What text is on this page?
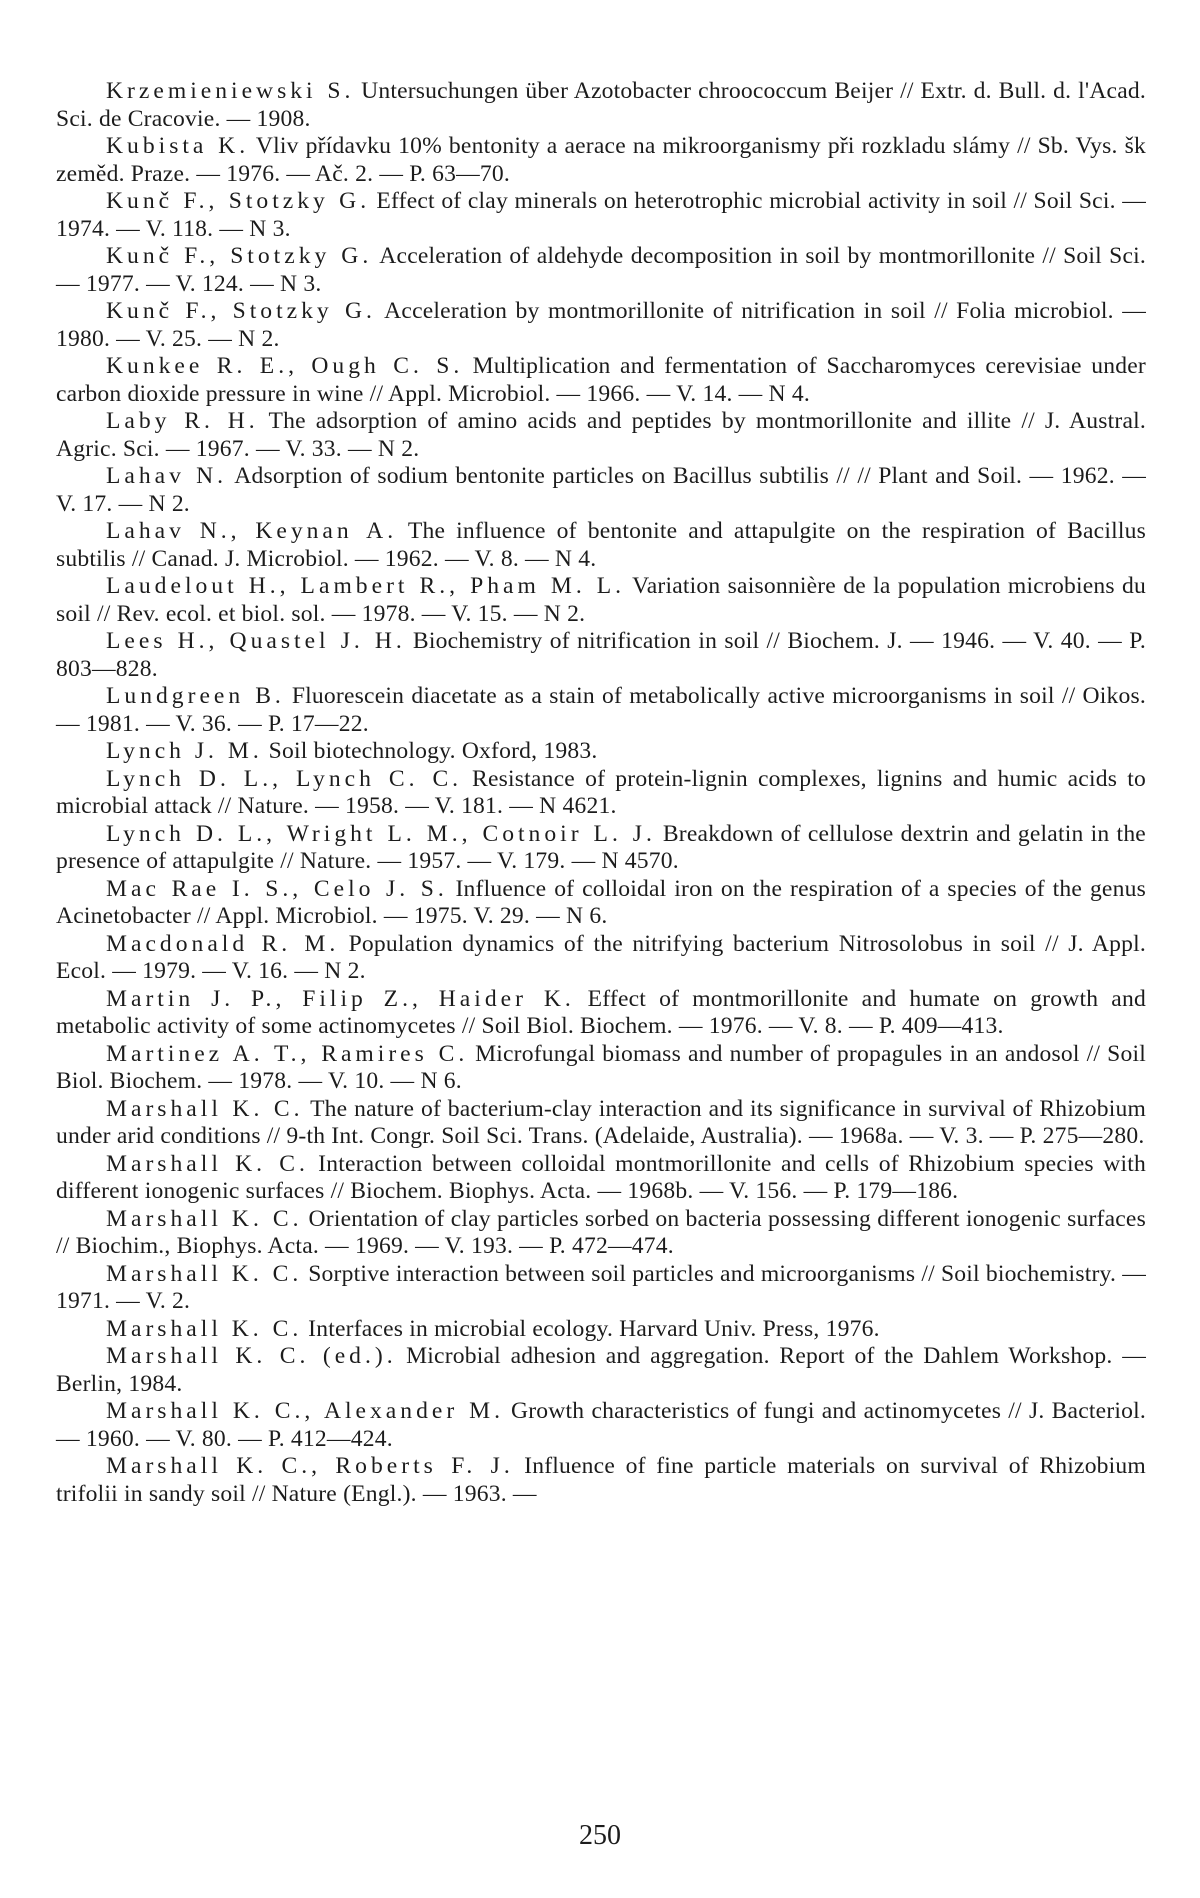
Krzemieniewski S. Untersuchungen über Azotobacter chroococcum Beijer // Extr. d. Bull. d. l'Acad. Sci. de Cracovie. — 1908.

Kubista K. Vliv přídavku 10% bentonity a aerace na mikroorganismy při rozkladu slámy // Sb. Vys. šk zeměd. Praze. — 1976. — Ač. 2. — P. 63—70.

Kunč F., Stotzky G. Effect of clay minerals on heterotrophic microbial activity in soil // Soil Sci. — 1974. — V. 118. — N 3.

Kunč F., Stotzky G. Acceleration of aldehyde decomposition in soil by montmorillonite // Soil Sci. — 1977. — V. 124. — N 3.

Kunč F., Stotzky G. Acceleration by montmorillonite of nitrification in soil // Folia microbiol. — 1980. — V. 25. — N 2.

Kunkee R. E., Ough C. S. Multiplication and fermentation of Saccharomyces cerevisiae under carbon dioxide pressure in wine // Appl. Microbiol. — 1966. — V. 14. — N 4.

Laby R. H. The adsorption of amino acids and peptides by montmorillonite and illite // J. Austral. Agric. Sci. — 1967. — V. 33. — N 2.

Lahav N. Adsorption of sodium bentonite particles on Bacillus subtilis // // Plant and Soil. — 1962. — V. 17. — N 2.

Lahav N., Keynan A. The influence of bentonite and attapulgite on the respiration of Bacillus subtilis // Canad. J. Microbiol. — 1962. — V. 8. — N 4.

Laudelout H., Lambert R., Pham M. L. Variation saisonnière de la population microbiens du soil // Rev. ecol. et biol. sol. — 1978. — V. 15. — N 2.

Lees H., Quastel J. H. Biochemistry of nitrification in soil // Biochem. J. — 1946. — V. 40. — P. 803—828.

Lundgreen B. Fluorescein diacetate as a stain of metabolically active microorganisms in soil // Oikos. — 1981. — V. 36. — P. 17—22.

Lynch J. M. Soil biotechnology. Oxford, 1983.

Lynch D. L., Lynch C. C. Resistance of protein-lignin complexes, lignins and humic acids to microbial attack // Nature. — 1958. — V. 181. — N 4621.

Lynch D. L., Wright L. M., Cotnoir L. J. Breakdown of cellulose dextrin and gelatin in the presence of attapulgite // Nature. — 1957. — V. 179. — N 4570.

Mac Rae I. S., Celo J. S. Influence of colloidal iron on the respiration of a species of the genus Acinetobacter // Appl. Microbiol. — 1975. V. 29. — N 6.

Macdonald R. M. Population dynamics of the nitrifying bacterium Nitrosolobus in soil // J. Appl. Ecol. — 1979. — V. 16. — N 2.

Martin J. P., Filip Z., Haider K. Effect of montmorillonite and humate on growth and metabolic activity of some actinomycetes // Soil Biol. Biochem. — 1976. — V. 8. — P. 409—413.

Martinez A. T., Ramires C. Microfungal biomass and number of propagules in an andosol // Soil Biol. Biochem. — 1978. — V. 10. — N 6.

Marshall K. C. The nature of bacterium-clay interaction and its significance in survival of Rhizobium under arid conditions // 9-th Int. Congr. Soil Sci. Trans. (Adelaide, Australia). — 1968a. — V. 3. — P. 275—280.

Marshall K. C. Interaction between colloidal montmorillonite and cells of Rhizobium species with different ionogenic surfaces // Biochem. Biophys. Acta. — 1968b. — V. 156. — P. 179—186.

Marshall K. C. Orientation of clay particles sorbed on bacteria possessing different ionogenic surfaces // Biochim., Biophys. Acta. — 1969. — V. 193. — P. 472—474.

Marshall K. C. Sorptive interaction between soil particles and microorganisms // Soil biochemistry. — 1971. — V. 2.

Marshall K. C. Interfaces in microbial ecology. Harvard Univ. Press, 1976.

Marshall K. C. (ed.). Microbial adhesion and aggregation. Report of the Dahlem Workshop. — Berlin, 1984.

Marshall K. C., Alexander M. Growth characteristics of fungi and actinomycetes // J. Bacteriol. — 1960. — V. 80. — P. 412—424.

Marshall K. C., Roberts F. J. Influence of fine particle materials on survival of Rhizobium trifolii in sandy soil // Nature (Engl.). — 1963. —

250
